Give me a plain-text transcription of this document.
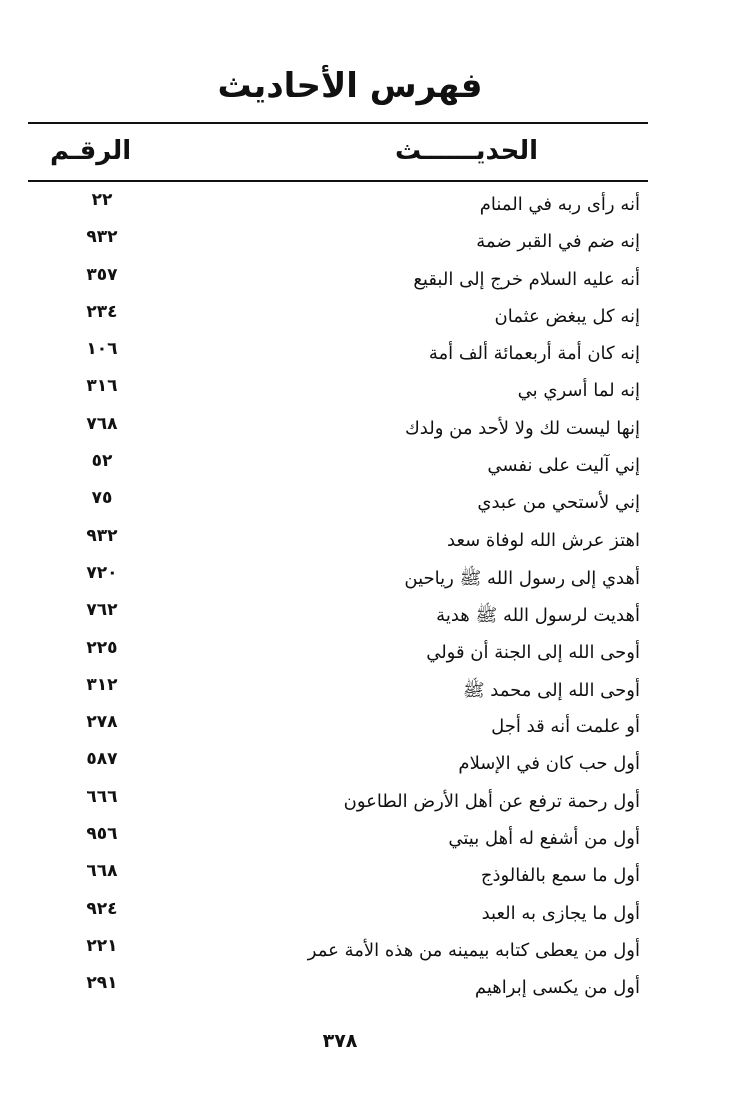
فهرس الأحاديث
الحديــــــث
الرقـم
أنه رأى ربه في المنام
٢٢
إنه ضم في القبر ضمة
٩٣٢
أنه عليه السلام خرج إلى البقيع
٣٥٧
إنه كل يبغض عثمان
٢٣٤
إنه كان أمة أربعمائة ألف أمة
١٠٦
إنه لما أسري بي
٣١٦
إنها ليست لك ولا لأحد من ولدك
٧٦٨
إني آليت على نفسي
٥٢
إني لأستحي من عبدي
٧٥
اهتز عرش الله لوفاة سعد
٩٣٢
أهدي إلى رسول الله ﷺ رياحين
٧٢٠
أهديت لرسول الله ﷺ هدية
٧٦٢
أوحى الله إلى الجنة أن قولي
٢٢٥
أوحى الله إلى محمد ﷺ
٣١٢
أو علمت أنه قد أجل
٢٧٨
أول حب كان في الإسلام
٥٨٧
أول رحمة ترفع عن أهل الأرض الطاعون
٦٦٦
أول من أشفع له أهل بيتي
٩٥٦
أول ما سمع بالفالوذج
٦٦٨
أول ما يجازى به العبد
٩٢٤
أول من يعطى كتابه بيمينه من هذه الأمة عمر
٢٢١
أول من يكسى إبراهيم
٢٩١
٣٧٨
